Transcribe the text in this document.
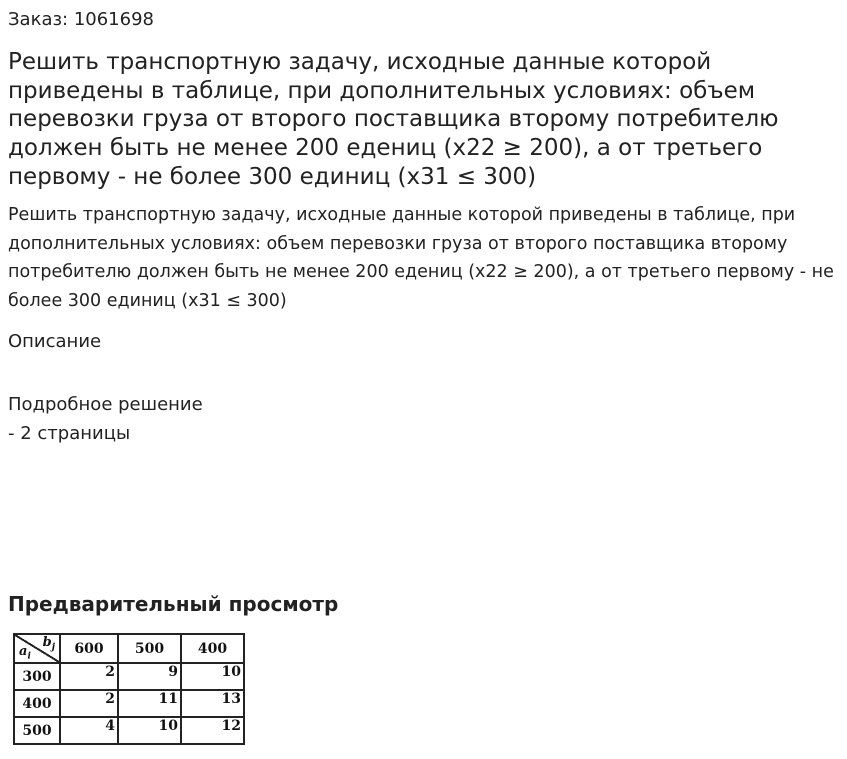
Заказ: 1061698
Решить транспортную задачу, исходные данные которой приведены в таблице, при дополнительных условиях: объем перевозки груза от второго поставщика второму потребителю должен быть не менее 200 едениц (x22 ≥ 200), а от третьего первому - не более 300 единиц (x31 ≤ 300)

Решить транспортную задачу, исходные данные которой приведены в таблице, при дополнительных условиях: объем перевозки груза от второго поставщика второму потребителю должен быть не менее 200 едениц (x22 ≥ 200), а от третьего первому - не более 300 единиц (x31 ≤ 300)

Описание
Подробное решение
- 2 страницы
Предварительный просмотр
$b_j$
$a_i$	600	500	400
300	2	9	10
400	2	11	13
500	4	10	12
